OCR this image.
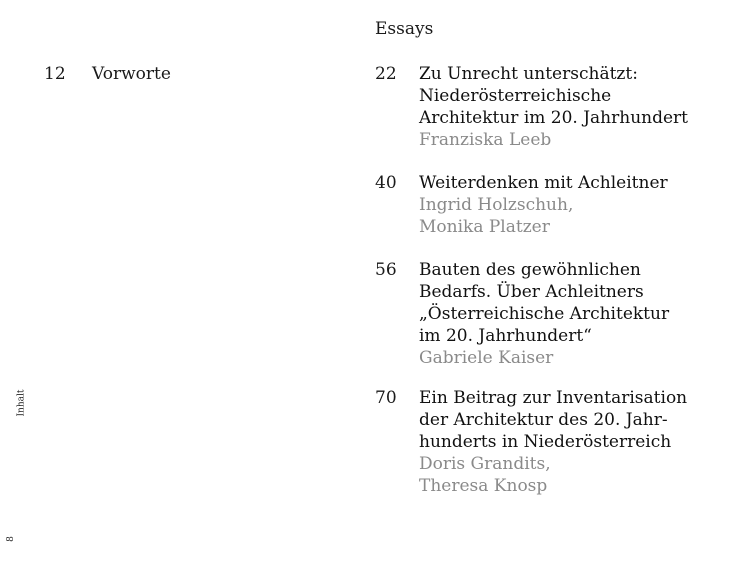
Inhalt
8
12	Vorworte
Essays
22	Zu Unrecht unterschätzt:
Niederösterreichische
Architektur im 20. Jahrhundert
Franziska Leeb
40	Weiterdenken mit Achleitner
Ingrid Holzschuh,
Monika Platzer
56	Bauten des gewöhnlichen
Bedarfs. Über Achleitners
„Österreichische Architektur
im 20. Jahrhundert“
Gabriele Kaiser
70	Ein Beitrag zur Inventarisation
der Architektur des 20. Jahr-
hunderts in Niederösterreich
Doris Grandits,
Theresa Knosp
